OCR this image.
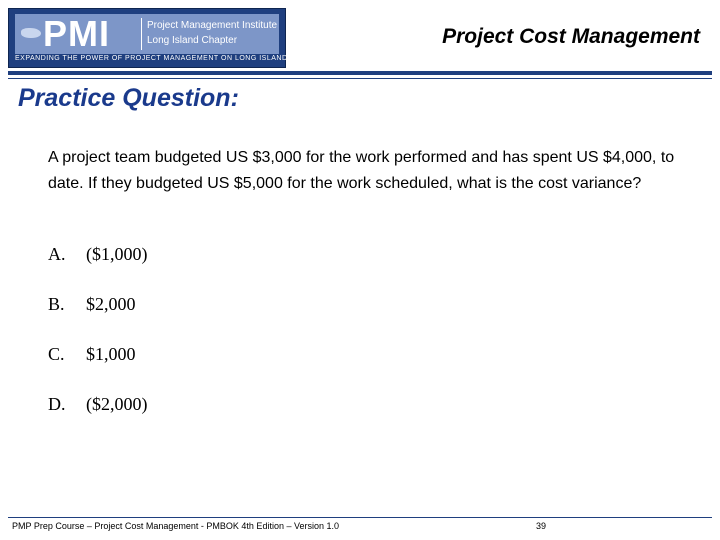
PMI	Project Management Institute
Long Island Chapter
EXPANDING THE POWER OF PROJECT MANAGEMENT ON LONG ISLAND
Project Cost Management
Practice Question:
A project team budgeted US $3,000 for the work performed and has spent US $4,000, to date. If they budgeted US $5,000 for the work scheduled, what is the cost variance?
A. ($1,000)
B. $2,000
C. $1,000
D. ($2,000)
PMP Prep Course – Project Cost Management - PMBOK 4th Edition – Version 1.0	39
